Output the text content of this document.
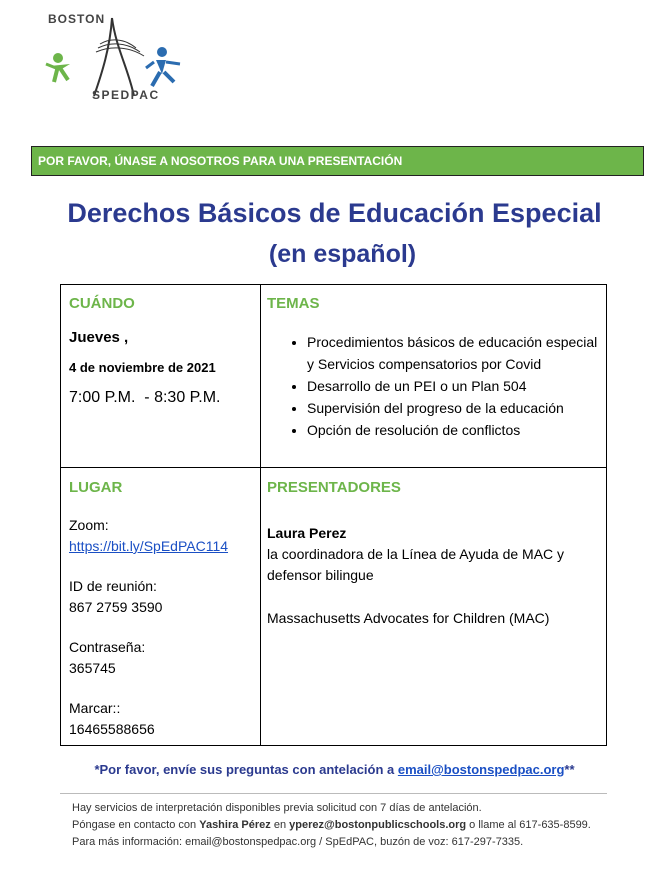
BOSTON
SPEDPAC
POR FAVOR, ÚNASE A NOSOTROS PARA UNA PRESENTACIÓN
Derechos Básicos de Educación Especial
(en español)
CUÁNDO
Jueves ,
4 de noviembre de 2021
7:00 P.M.  - 8:30 P.M.
TEMAS
• Procedimientos básicos de educación especial y Servicios compensatorios por Covid
• Desarrollo de un PEI o un Plan 504
• Supervisión del progreso de la educación
• Opción de resolución de conflictos
LUGAR
Zoom:
https://bit.ly/SpEdPAC114
ID de reunión:
867 2759 3590
Contraseña:
365745
Marcar::
16465588656
PRESENTADORES
Laura Perez
la coordinadora de la Línea de Ayuda de MAC y defensor bilingue
Massachusetts Advocates for Children (MAC)
*Por favor, envíe sus preguntas con antelación a email@bostonspedpac.org**
Hay servicios de interpretación disponibles previa solicitud con 7 días de antelación.
Póngase en contacto con Yashira Pérez en yperez@bostonpublicschools.org o llame al 617-635-8599. Para más información: email@bostonspedpac.org / SpEdPAC, buzón de voz: 617-297-7335.
